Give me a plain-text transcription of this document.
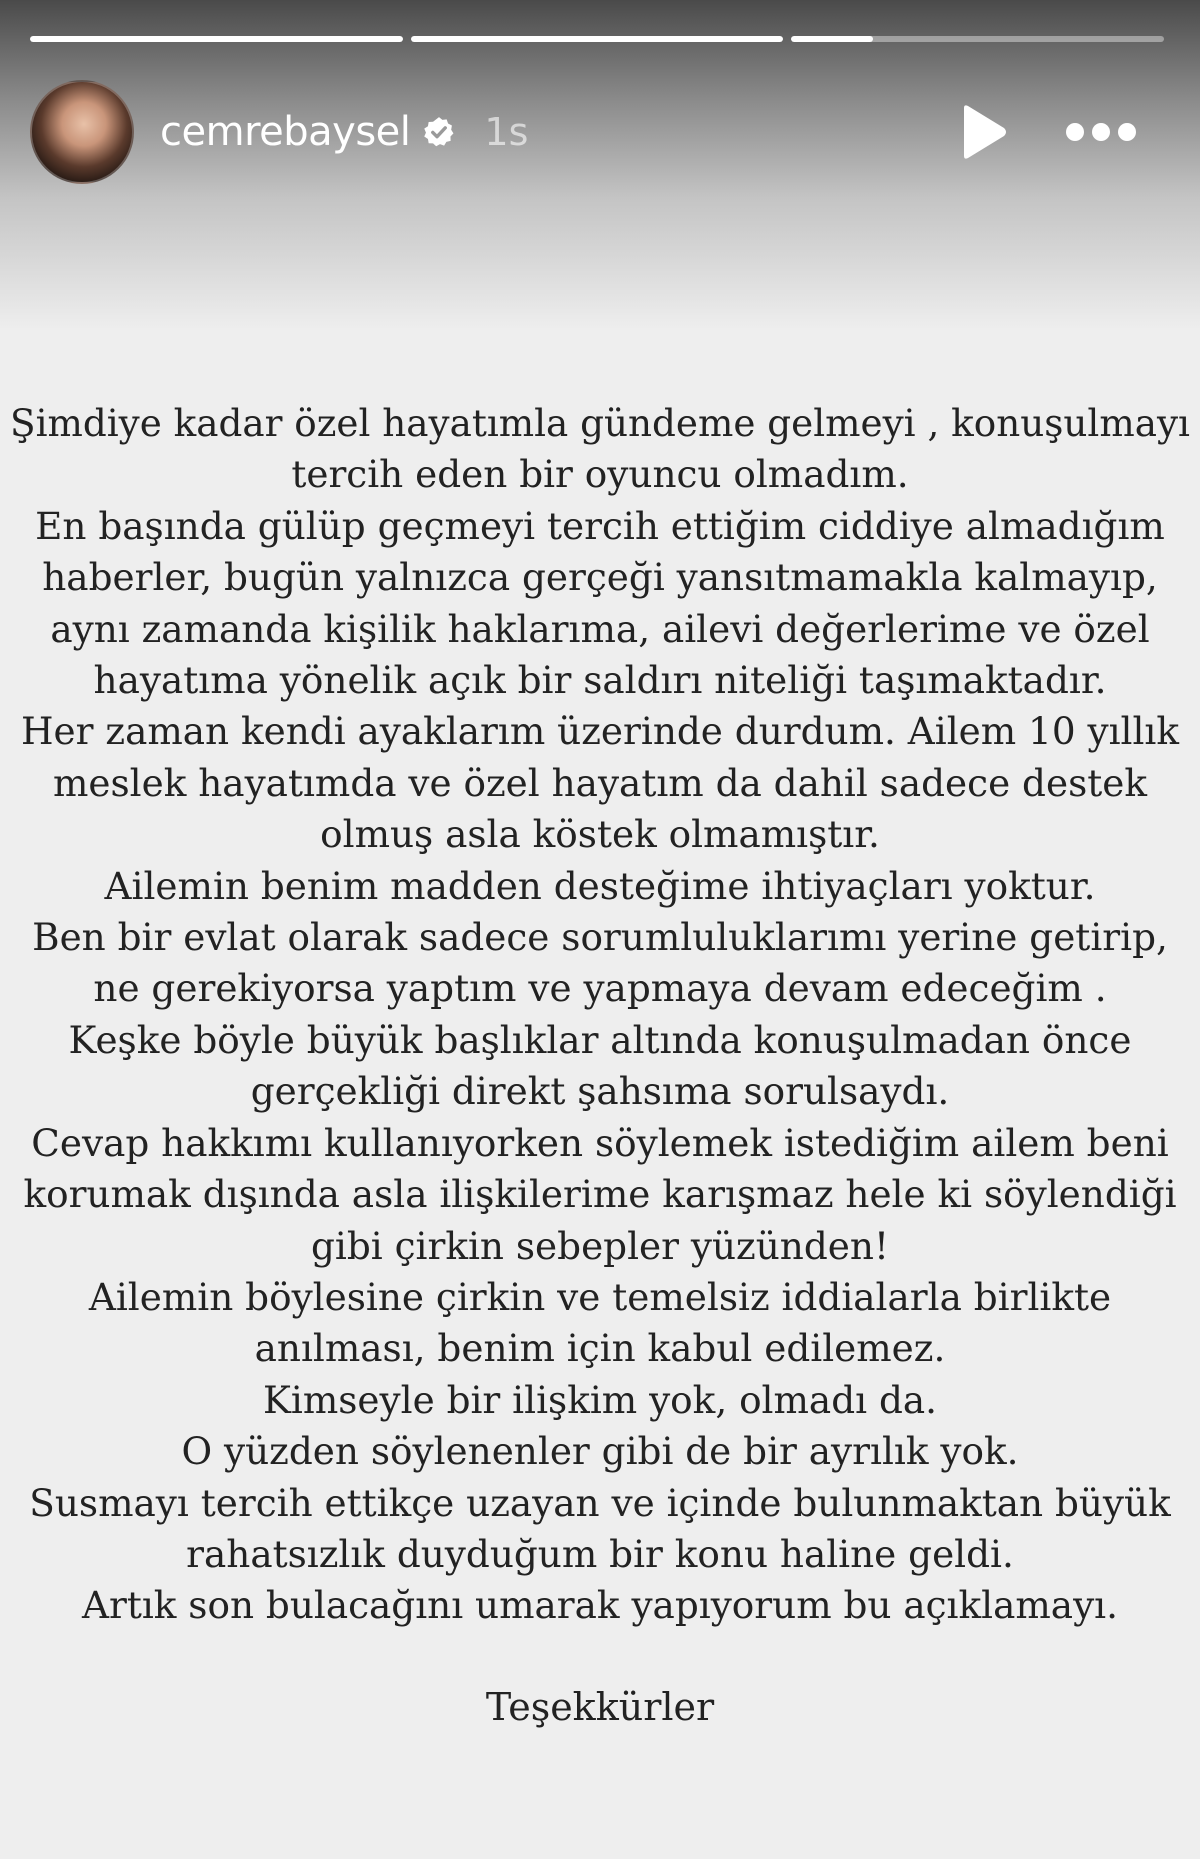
cemrebaysel 1s
Şimdiye kadar özel hayatımla gündeme gelmeyi , konuşulmayı
tercih eden bir oyuncu olmadım.
En başında gülüp geçmeyi tercih ettiğim ciddiye almadığım
haberler, bugün yalnızca gerçeği yansıtmamakla kalmayıp,
aynı zamanda kişilik haklarıma, ailevi değerlerime ve özel
hayatıma yönelik açık bir saldırı niteliği taşımaktadır.
Her zaman kendi ayaklarım üzerinde durdum. Ailem 10 yıllık
meslek hayatımda ve özel hayatım da dahil sadece destek
olmuş asla köstek olmamıştır.
Ailemin benim madden desteğime ihtiyaçları yoktur.
Ben bir evlat olarak sadece sorumluluklarımı yerine getirip,
ne gerekiyorsa yaptım ve yapmaya devam edeceğim .
Keşke böyle büyük başlıklar altında konuşulmadan önce
gerçekliği direkt şahsıma sorulsaydı.
Cevap hakkımı kullanıyorken söylemek istediğim ailem beni
korumak dışında asla ilişkilerime karışmaz hele ki söylendiği
gibi çirkin sebepler yüzünden!
Ailemin böylesine çirkin ve temelsiz iddialarla birlikte
anılması, benim için kabul edilemez.
Kimseyle bir ilişkim yok, olmadı da.
O yüzden söylenenler gibi de bir ayrılık yok.
Susmayı tercih ettikçe uzayan ve içinde bulunmaktan büyük
rahatsızlık duyduğum bir konu haline geldi.
Artık son bulacağını umarak yapıyorum bu açıklamayı.
Teşekkürler
